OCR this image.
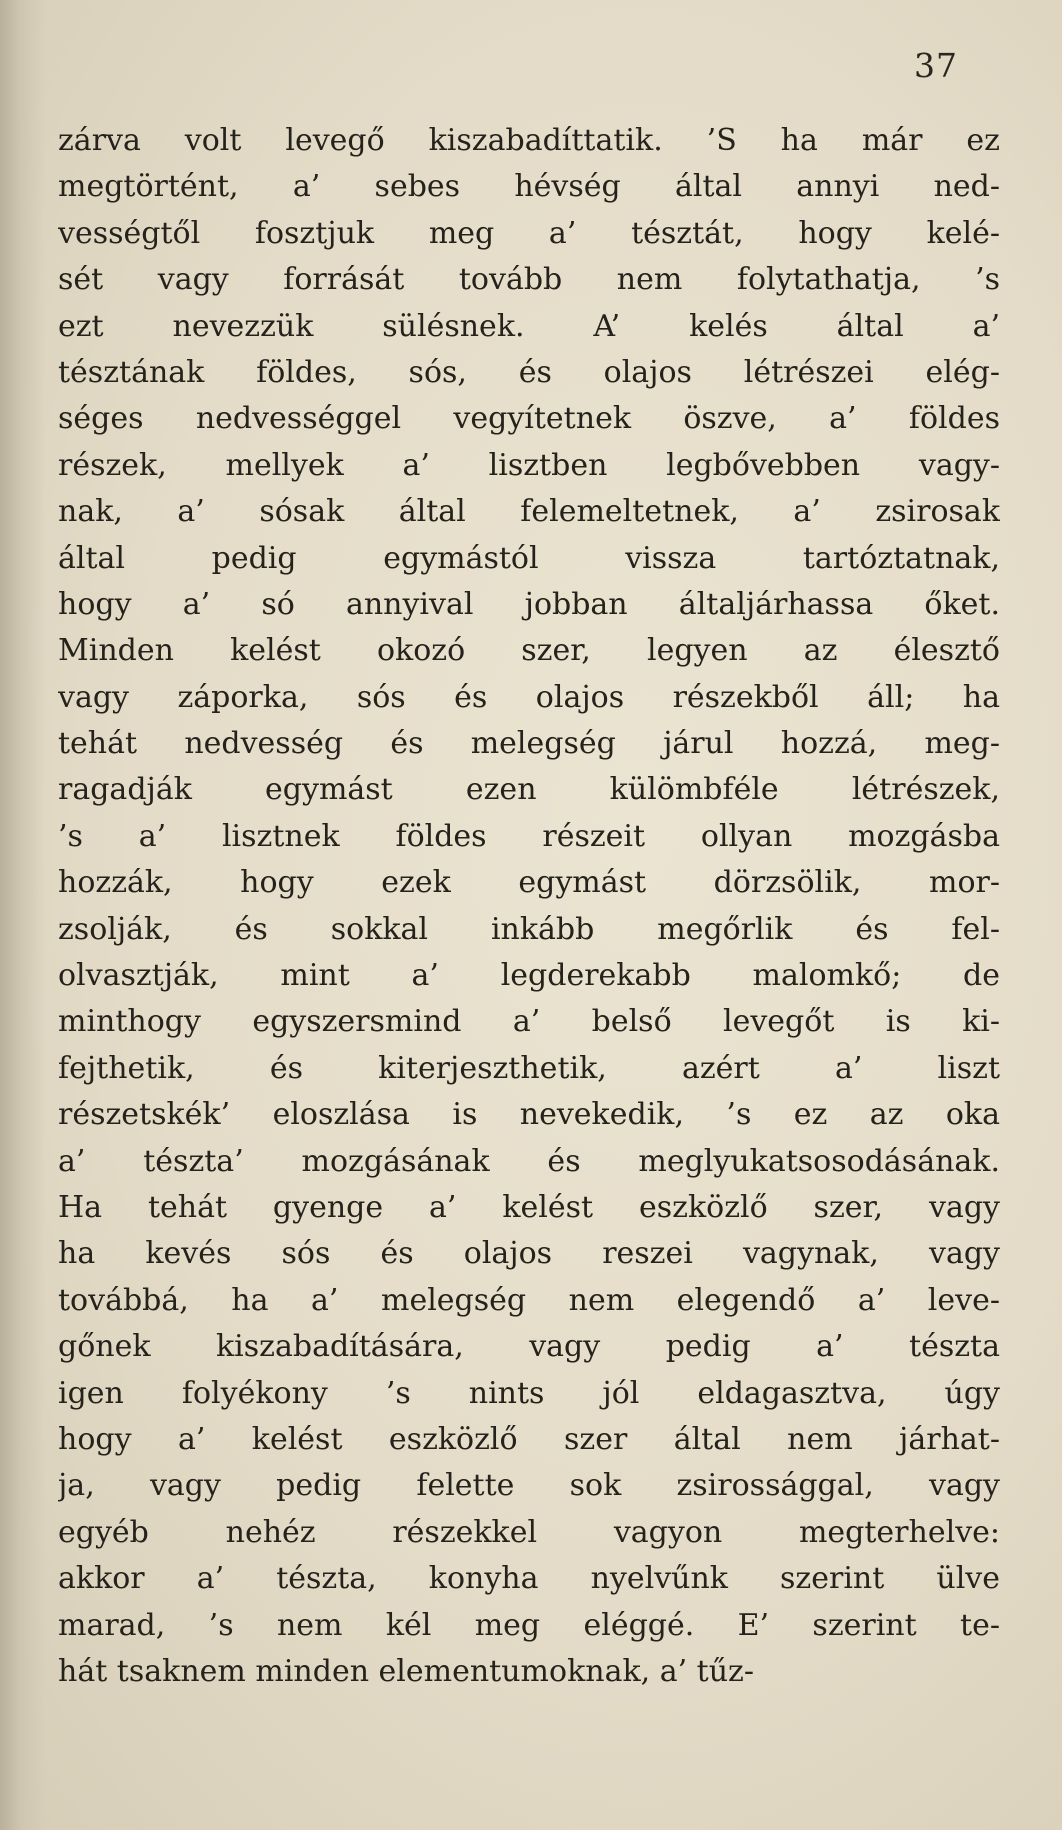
37
zárva volt levegő kiszabadíttatik. ’S ha már ez
megtörtént, a’ sebes hévség által annyi ned-
vességtől fosztjuk meg a’ tésztát, hogy kelé-
sét vagy forrását tovább nem folytathatja, ’s
ezt nevezzük sülésnek. A’ kelés által a’
tésztának földes, sós, és olajos létrészei elég-
séges nedvességgel vegyítetnek öszve, a’ földes
részek, mellyek a’ lisztben legbővebben vagy-
nak, a’ sósak által felemeltetnek, a’ zsirosak
által pedig egymástól vissza tartóztatnak,
hogy a’ só annyival jobban általjárhassa őket.
Minden kelést okozó szer, legyen az élesztő
vagy záporka, sós és olajos részekből áll; ha
tehát nedvesség és melegség járul hozzá, meg-
ragadják egymást ezen külömbféle létrészek,
’s a’ lisztnek földes részeit ollyan mozgásba
hozzák, hogy ezek egymást dörzsölik, mor-
zsolják, és sokkal inkább megőrlik és fel-
olvasztják, mint a’ legderekabb malomkő; de
minthogy egyszersmind a’ belső levegőt is ki-
fejthetik, és kiterjeszthetik, azért a’ liszt
részetskék’ eloszlása is nevekedik, ’s ez az oka
a’ tészta’ mozgásának és meglyukatsosodásának.
Ha tehát gyenge a’ kelést eszközlő szer, vagy
ha kevés sós és olajos reszei vagynak, vagy
továbbá, ha a’ melegség nem elegendő a’ leve-
gőnek kiszabadítására, vagy pedig a’ tészta
igen folyékony ’s nints jól eldagasztva, úgy
hogy a’ kelést eszközlő szer által nem járhat-
ja, vagy pedig felette sok zsirossággal, vagy
egyéb nehéz részekkel vagyon megterhelve:
akkor a’ tészta, konyha nyelvűnk szerint ülve
marad, ’s nem kél meg eléggé. E’ szerint te-
hát tsaknem minden elementumoknak, a’ tűz-
